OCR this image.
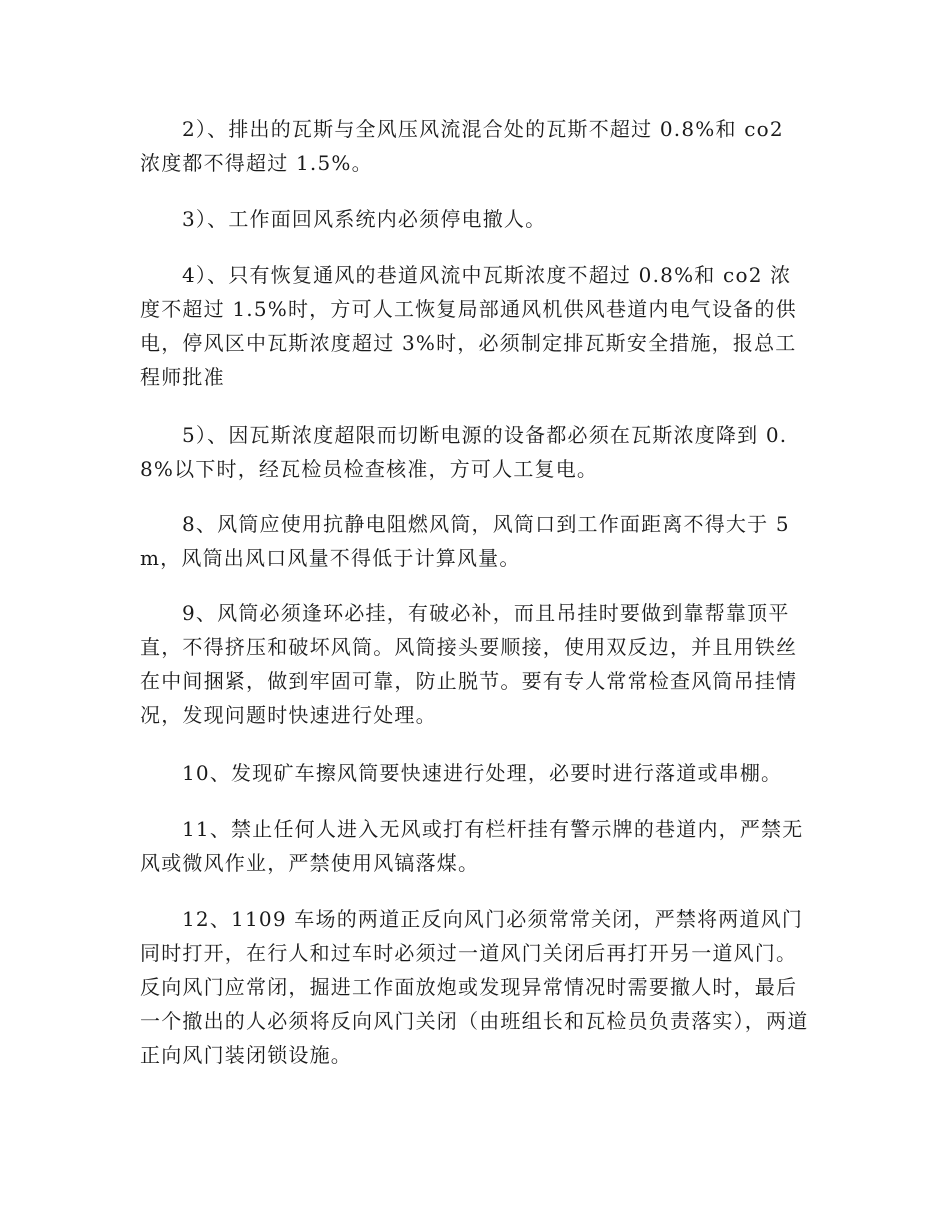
2）、排出的瓦斯与全风压风流混合处的瓦斯不超过 0.8%和 co2 浓度都不得超过 1.5%。

3）、工作面回风系统内必须停电撤人。

4）、只有恢复通风的巷道风流中瓦斯浓度不超过 0.8%和 co2 浓度不超过 1.5%时，方可人工恢复局部通风机供风巷道内电气设备的供电，停风区中瓦斯浓度超过 3%时，必须制定排瓦斯安全措施，报总工程师批准

5）、因瓦斯浓度超限而切断电源的设备都必须在瓦斯浓度降到 0.8%以下时，经瓦检员检查核准，方可人工复电。

8、风筒应使用抗静电阻燃风筒，风筒口到工作面距离不得大于 5m，风筒出风口风量不得低于计算风量。

9、风筒必须逢环必挂，有破必补，而且吊挂时要做到靠帮靠顶平直，不得挤压和破坏风筒。风筒接头要顺接，使用双反边，并且用铁丝在中间捆紧，做到牢固可靠，防止脱节。要有专人常常检查风筒吊挂情况，发现问题时快速进行处理。

10、发现矿车擦风筒要快速进行处理，必要时进行落道或串棚。

11、禁止任何人进入无风或打有栏杆挂有警示牌的巷道内，严禁无风或微风作业，严禁使用风镐落煤。

12、1109 车场的两道正反向风门必须常常关闭，严禁将两道风门同时打开，在行人和过车时必须过一道风门关闭后再打开另一道风门。反向风门应常闭，掘进工作面放炮或发现异常情况时需要撤人时，最后一个撤出的人必须将反向风门关闭（由班组长和瓦检员负责落实），两道正向风门装闭锁设施。
